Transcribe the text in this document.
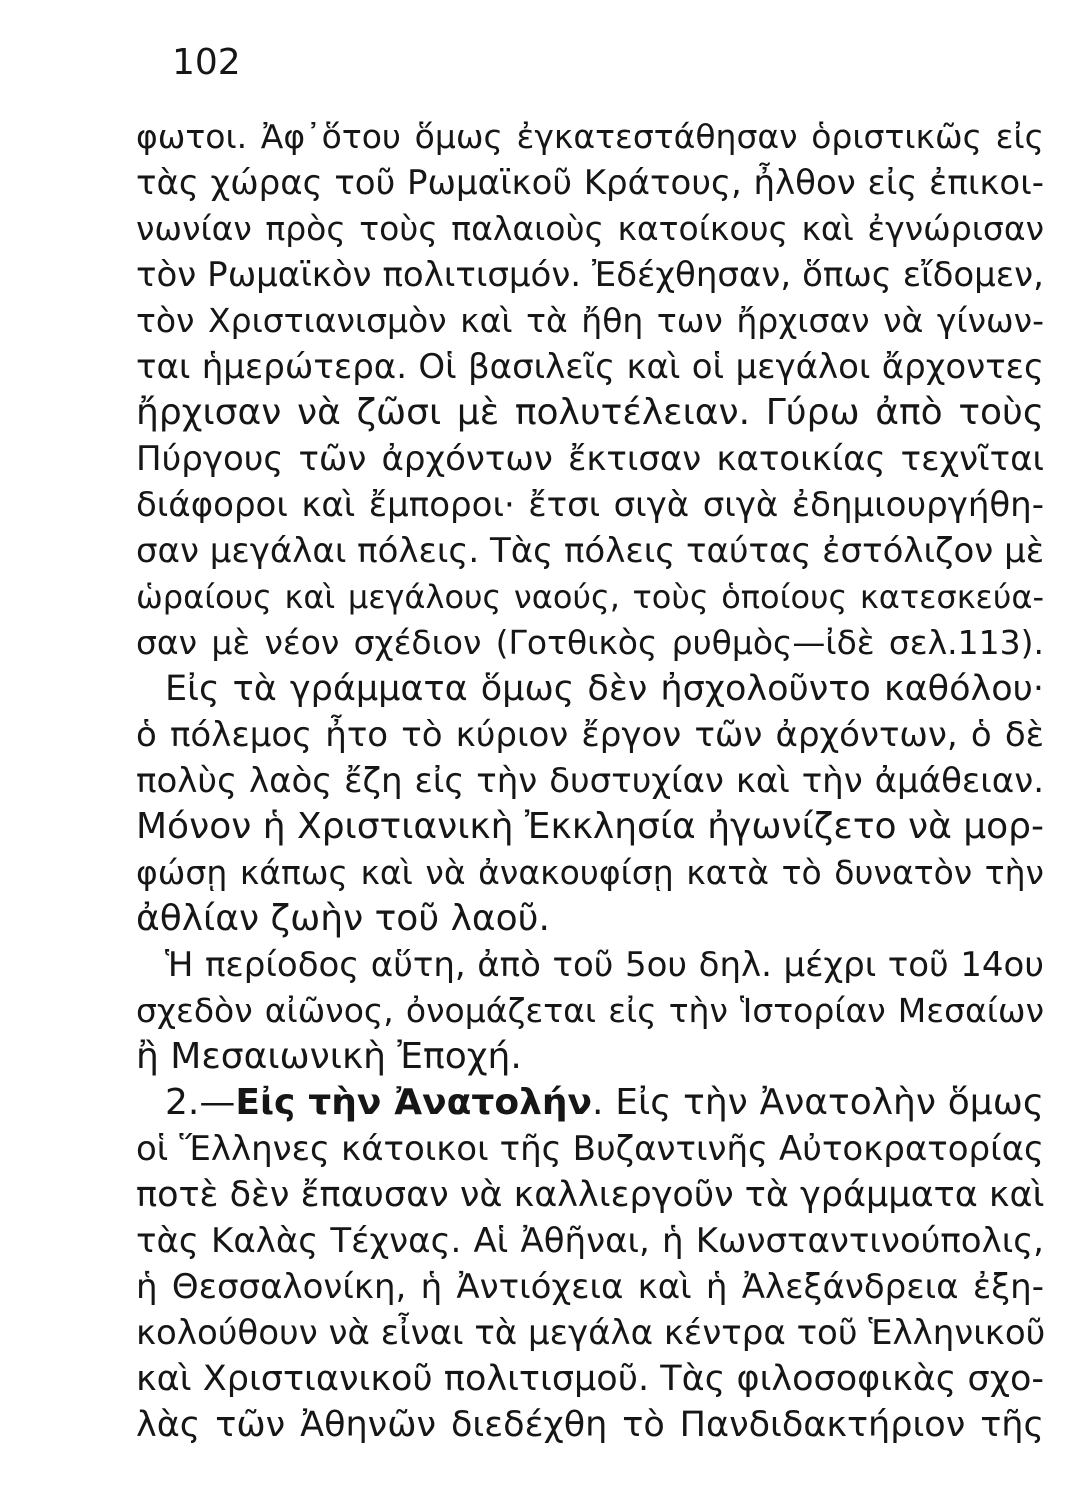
102
φωτοι. Ἀφ᾿ὅτου ὅμως ἐγκατεστάθησαν ὁριστικῶς εἰς
τὰς χώρας τοῦ Ρωμαϊκοῦ Κράτους, ἦλθον εἰς ἐπικοι-
νωνίαν πρὸς τοὺς παλαιοὺς κατοίκους καὶ ἐγνώρισαν
τὸν Ρωμαϊκὸν πολιτισμόν. Ἐδέχθησαν, ὅπως εἴδομεν,
τὸν Χριστιανισμὸν καὶ τὰ ἤθη των ἤρχισαν νὰ γίνων-
ται ἡμερώτερα. Οἱ βασιλεῖς καὶ οἱ μεγάλοι ἄρχοντες
ἤρχισαν νὰ ζῶσι μὲ πολυτέλειαν. Γύρω ἀπὸ τοὺς
Πύργους τῶν ἀρχόντων ἔκτισαν κατοικίας τεχνῖται
διάφοροι καὶ ἔμποροι· ἔτσι σιγὰ σιγὰ ἐδημιουργήθη-
σαν μεγάλαι πόλεις. Τὰς πόλεις ταύτας ἐστόλιζον μὲ
ὡραίους καὶ μεγάλους ναούς, τοὺς ὁποίους κατεσκεύα-
σαν μὲ νέον σχέδιον (Γοτθικὸς ρυθμὸς—ἰδὲ σελ.113).
Εἰς τὰ γράμματα ὅμως δὲν ἠσχολοῦντο καθόλου·
ὁ πόλεμος ἦτο τὸ κύριον ἔργον τῶν ἀρχόντων, ὁ δὲ
πολὺς λαὸς ἔζη εἰς τὴν δυστυχίαν καὶ τὴν ἀμάθειαν.
Μόνον ἡ Χριστιανικὴ Ἐκκλησία ἠγωνίζετο νὰ μορ-
φώσῃ κάπως καὶ νὰ ἀνακουφίσῃ κατὰ τὸ δυνατὸν τὴν
ἀθλίαν ζωὴν τοῦ λαοῦ.
Ἡ περίοδος αὕτη, ἀπὸ τοῦ 5ου δηλ. μέχρι τοῦ 14ου
σχεδὸν αἰῶνος, ὀνομάζεται εἰς τὴν Ἱστορίαν Μεσαίων
ἢ Μεσαιωνικὴ Ἐποχή.
2.—Εἰς τὴν Ἀνατολήν. Εἰς τὴν Ἀνατολὴν ὅμως
οἱ Ἕλληνες κάτοικοι τῆς Βυζαντινῆς Αὐτοκρατορίας
ποτὲ δὲν ἔπαυσαν νὰ καλλιεργοῦν τὰ γράμματα καὶ
τὰς Καλὰς Τέχνας. Αἱ Ἀθῆναι, ἡ Κωνσταντινούπολις,
ἡ Θεσσαλονίκη, ἡ Ἀντιόχεια καὶ ἡ Ἀλεξάνδρεια ἐξη-
κολούθουν νὰ εἶναι τὰ μεγάλα κέντρα τοῦ Ἑλληνικοῦ
καὶ Χριστιανικοῦ πολιτισμοῦ. Τὰς φιλοσοφικὰς σχο-
λὰς τῶν Ἀθηνῶν διεδέχθη τὸ Πανδιδακτήριον τῆς
